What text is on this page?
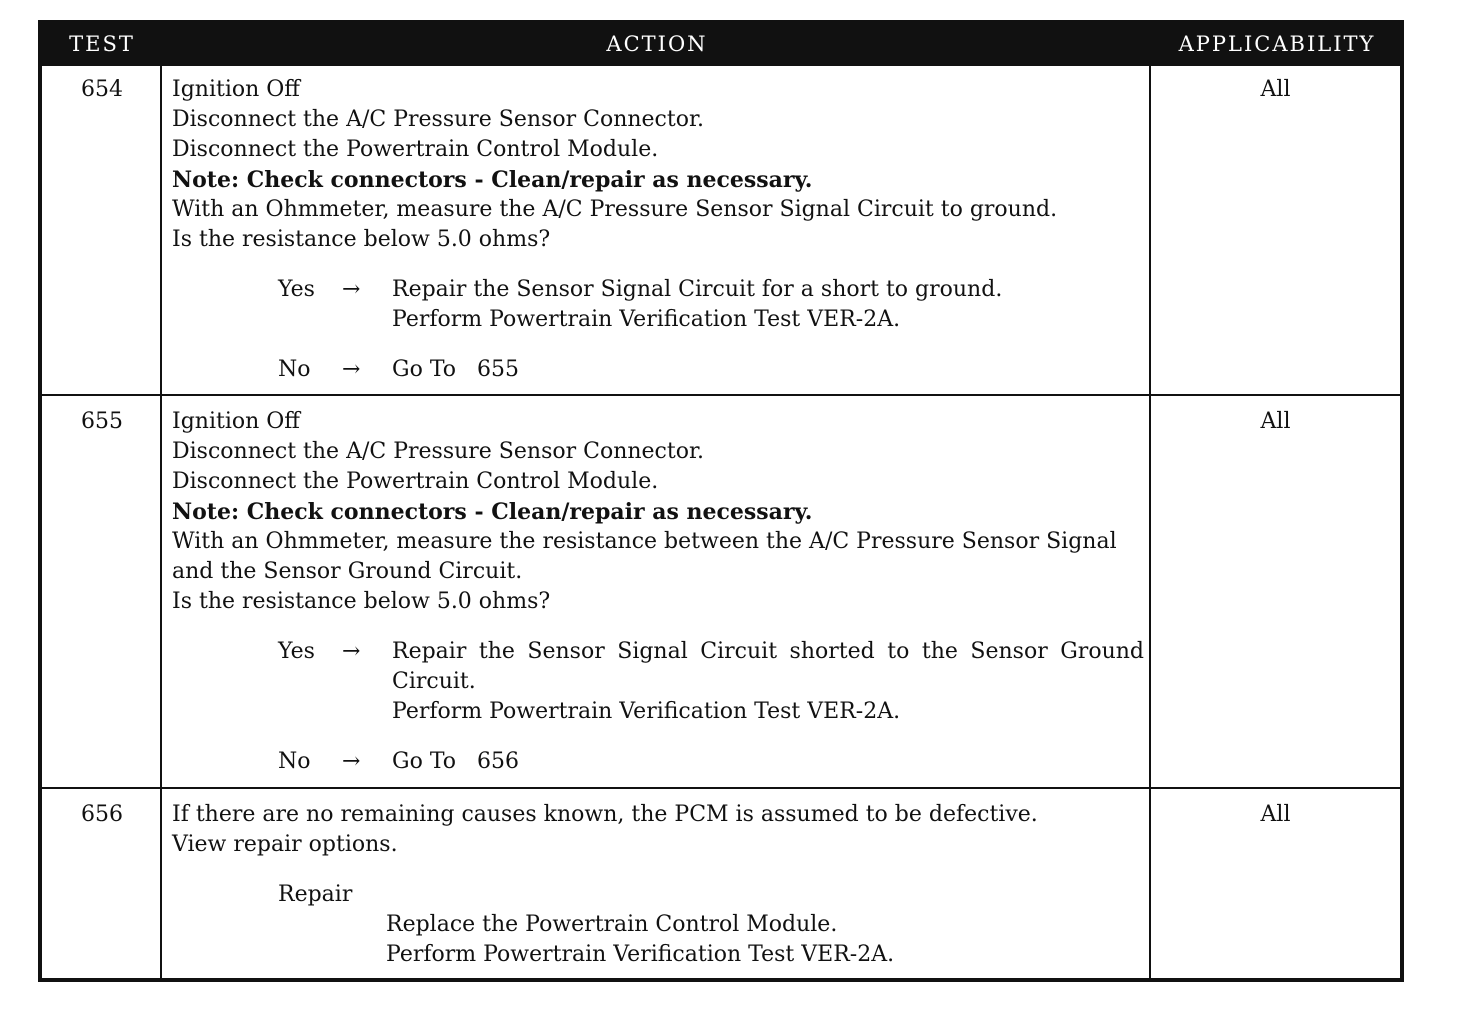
TEST	ACTION	APPLICABILITY
654	Ignition Off
Disconnect the A/C Pressure Sensor Connector.
Disconnect the Powertrain Control Module.
Note: Check connectors - Clean/repair as necessary.
With an Ohmmeter, measure the A/C Pressure Sensor Signal Circuit to ground.
Is the resistance below 5.0 ohms?
Yes	→	Repair the Sensor Signal Circuit for a short to ground.
Perform Powertrain Verification Test VER-2A.
No	→	Go To   655
All
655	Ignition Off
Disconnect the A/C Pressure Sensor Connector.
Disconnect the Powertrain Control Module.
Note: Check connectors - Clean/repair as necessary.
With an Ohmmeter, measure the resistance between the A/C Pressure Sensor Signal
and the Sensor Ground Circuit.
Is the resistance below 5.0 ohms?
Yes	→	Repair the Sensor Signal Circuit shorted to the Sensor Ground
Circuit.
Perform Powertrain Verification Test VER-2A.
No	→	Go To   656
All
656	If there are no remaining causes known, the PCM is assumed to be defective.
View repair options.
Repair
Replace the Powertrain Control Module.
Perform Powertrain Verification Test VER-2A.
All
